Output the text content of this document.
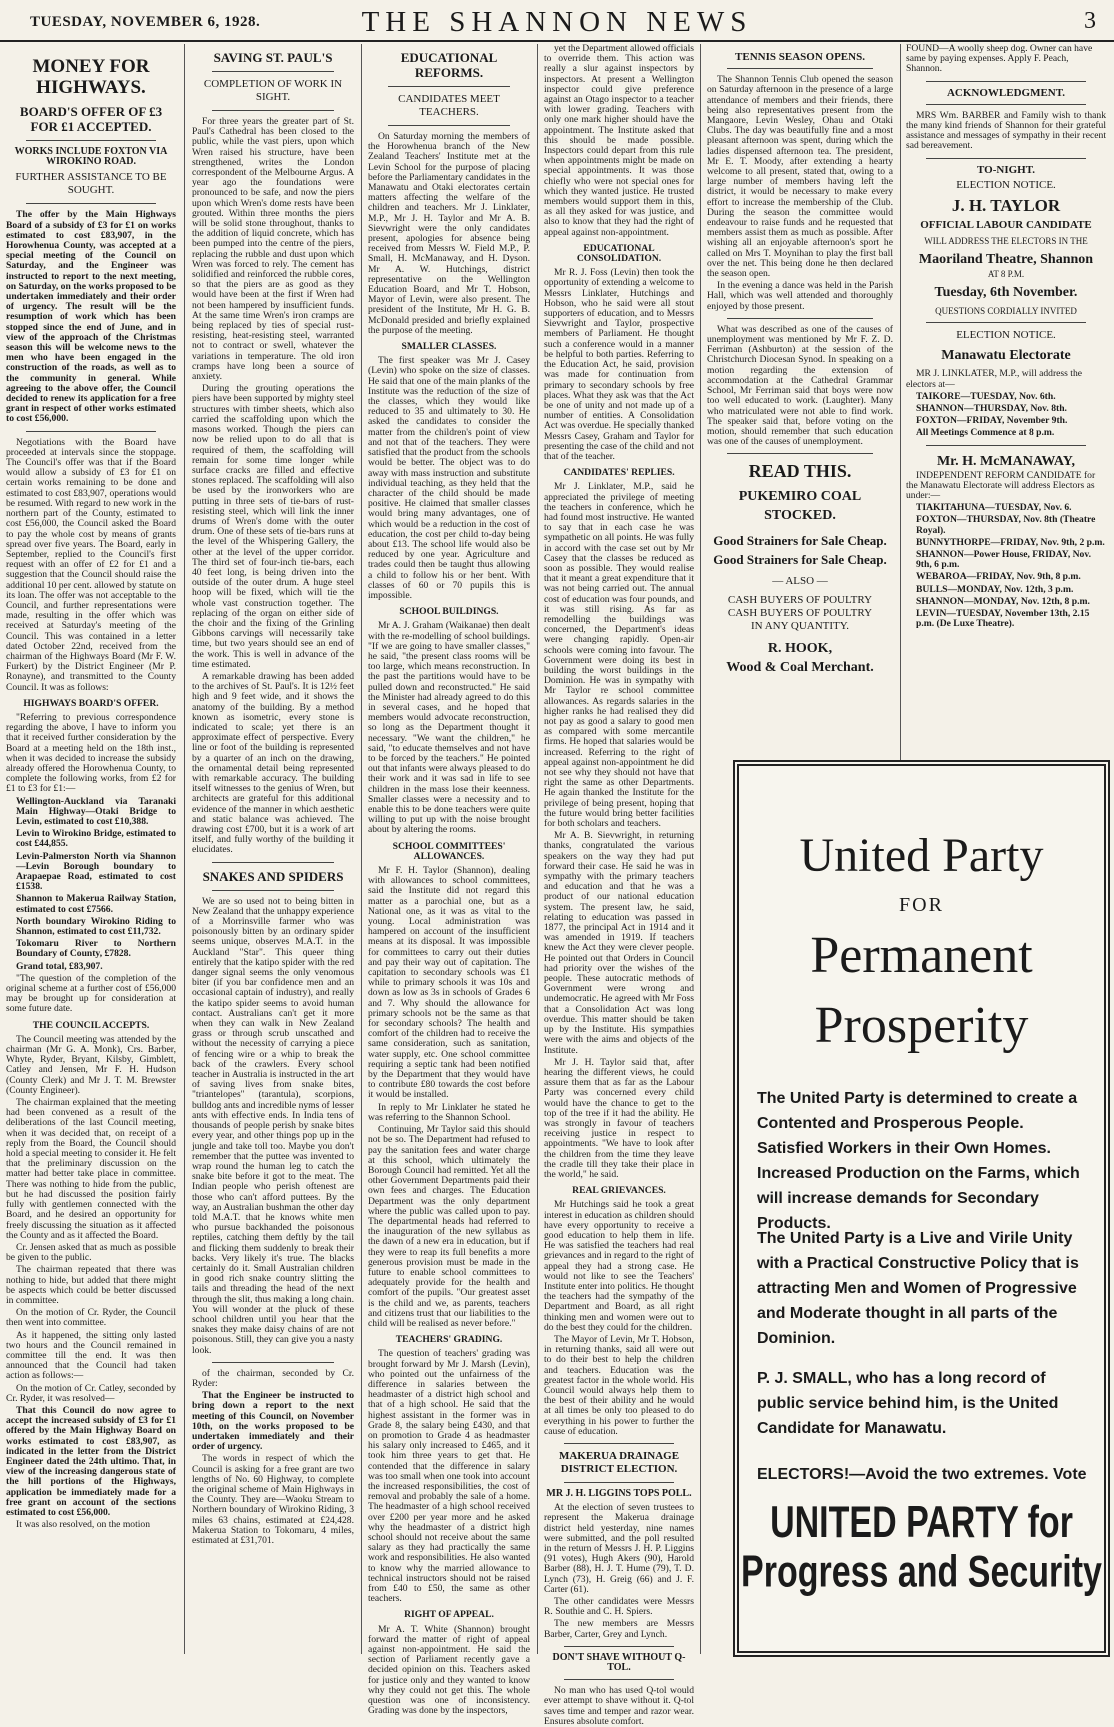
TUESDAY, NOVEMBER 6, 1928.	THE SHANNON NEWS	3
MONEY FOR HIGHWAYS.
BOARD'S OFFER OF £3 FOR £1 ACCEPTED.
WORKS INCLUDE FOXTON VIA WIROKINO ROAD.
FURTHER ASSISTANCE TO BE SOUGHT.

The offer by the Main Highways Board of a subsidy of £3 for £1 on works estimated to cost £83,907, in the Horowhenua County, was accepted at a special meeting of the Council on Saturday, and the Engineer was instructed to report to the next meeting, on Saturday, on the works proposed to be undertaken immediately and their order of urgency. The result will be the resumption of work which has been stopped since the end of June, and in view of the approach of the Christmas season this will be welcome news to the men who have been engaged in the construction of the roads, as well as to the community in general. While agreeing to the above offer, the Council decided to renew its application for a free grant in respect of other works estimated to cost £56,000.

Negotiations with the Board have proceeded at intervals since the stoppage. The Council's offer was that if the Board would allow a subsidy of £3 for £1 on certain works remaining to be done and estimated to cost £83,907, operations would be resumed. With regard to new work in the northern part of the County, estimated to cost £56,000, the Council asked the Board to pay the whole cost by means of grants spread over five years. The Board, early in September, replied to the Council's first request with an offer of £2 for £1 and a suggestion that the Council should raise the additional 10 per cent. allowed by statute on its loan. The offer was not acceptable to the Council, and further representations were made, resulting in the offer which was received at Saturday's meeting of the Council. This was contained in a letter dated October 22nd, received from the chairman of the Highways Board (Mr F. W. Furkert) by the District Engineer (Mr P. Ronayne), and transmitted to the County Council. It was as follows:

HIGHWAYS BOARD'S OFFER.

"Referring to previous correspondence regarding the above, I have to inform you that it received further consideration by the Board at a meeting held on the 18th inst., when it was decided to increase the subsidy already offered the Horowhenua County, to complete the following works, from £2 for £1 to £3 for £1:—

Wellington-Auckland via Taranaki Main Highway—Otaki Bridge to Levin, estimated to cost £10,388.

Levin to Wirokino Bridge, estimated to cost £44,855.

Levin-Palmerston North via Shannon—Levin Borough boundary to Arapaepae Road, estimated to cost £1538.

Shannon to Makerua Railway Station, estimated to cost £7566.

North boundary Wirokino Riding to Shannon, estimated to cost £11,732.

Tokomaru River to Northern Boundary of County, £7828.

Grand total, £83,907.

"The question of the completion of the original scheme at a further cost of £56,000 may be brought up for consideration at some future date.

THE COUNCIL ACCEPTS.

The Council meeting was attended by the chairman (Mr G. A. Monk), Crs. Barber, Whyte, Ryder, Bryant, Kilsby, Gimblett, Catley and Jensen, Mr F. H. Hudson (County Clerk) and Mr J. T. M. Brewster (County Engineer).

The chairman explained that the meeting had been convened as a result of the deliberations of the last Council meeting, when it was decided that, on receipt of a reply from the Board, the Council should hold a special meeting to consider it. He felt that the preliminary discussion on the matter had better take place in committee. There was nothing to hide from the public, but he had discussed the position fairly fully with gentlemen connected with the Board, and he desired an opportunity for freely discussing the situation as it affected the County and as it affected the Board.

Cr. Jensen asked that as much as possible be given to the public.

The chairman repeated that there was nothing to hide, but added that there might be aspects which could be better discussed in committee.

On the motion of Cr. Ryder, the Council then went into committee.

As it happened, the sitting only lasted two hours and the Council remained in committee till the end. It was then announced that the Council had taken action as follows:—

On the motion of Cr. Catley, seconded by Cr. Ryder, it was resolved—

That this Council do now agree to accept the increased subsidy of £3 for £1 offered by the Main Highway Board on works estimated to cost £83,907, as indicated in the letter from the District Engineer dated the 24th ultimo. That, in view of the increasing dangerous state of the hill portions of the Highways, application be immediately made for a free grant on account of the sections estimated to cost £56,000.

It was also resolved, on the motion

SAVING ST. PAUL'S
COMPLETION OF WORK IN SIGHT.

For three years the greater part of St. Paul's Cathedral has been closed to the public, while the vast piers, upon which Wren raised his structure, have been strengthened, writes the London correspondent of the Melbourne Argus. A year ago the foundations were pronounced to be safe, and now the piers upon which Wren's dome rests have been grouted. Within three months the piers will be solid stone throughout, thanks to the addition of liquid concrete, which has been pumped into the centre of the piers, replacing the rubble and dust upon which Wren was forced to rely. The cement has solidified and reinforced the rubble cores, so that the piers are as good as they would have been at the first if Wren had not been hampered by insufficient funds. At the same time Wren's iron cramps are being replaced by ties of special rust-resisting, heat-resisting steel, warranted not to contract or swell, whatever the variations in temperature. The old iron cramps have long been a source of anxiety.

During the grouting operations the piers have been supported by mighty steel structures with timber sheets, which also carried the scaffolding upon which the masons worked. Though the piers can now be relied upon to do all that is required of them, the scaffolding will remain for some time longer while surface cracks are filled and effective stones replaced. The scaffolding will also be used by the ironworkers who are putting in three sets of tie-bars of rust-resisting steel, which will link the inner drums of Wren's dome with the outer drum. One of these sets of tie-bars runs at the level of the Whispering Gallery, the other at the level of the upper corridor. The third set of four-inch tie-bars, each 40 feet long, is being driven into the outside of the outer drum. A huge steel hoop will be fixed, which will tie the whole vast construction together. The replacing of the organ on either side of the choir and the fixing of the Grinling Gibbons carvings will necessarily take time, but two years should see an end of the work. This is well in advance of the time estimated.

A remarkable drawing has been added to the archives of St. Paul's. It is 12½ feet high and 9 feet wide, and it shows the anatomy of the building. By a method known as isometric, every stone is indicated to scale; yet there is an approximate effect of perspective. Every line or foot of the building is represented by a quarter of an inch on the drawing, the ornamental detail being represented with remarkable accuracy. The building itself witnesses to the genius of Wren, but architects are grateful for this additional evidence of the manner in which aesthetic and static balance was achieved. The drawing cost £700, but it is a work of art itself, and fully worthy of the building it elucidates.

SNAKES AND SPIDERS

We are so used not to being bitten in New Zealand that the unhappy experience of a Morrinsville farmer who was poisonously bitten by an ordinary spider seems unique, observes M.A.T. in the Auckland "Star". This queer thing entirely that the katipo spider with the red danger signal seems the only venomous biter (if you bar confidence men and an occasional captain of industry), and really the katipo spider seems to avoid human contact. Australians can't get it more when they can walk in New Zealand grass or through scrub unscathed and without the necessity of carrying a piece of fencing wire or a whip to break the back of the crawlers. Every school teacher in Australia is instructed in the art of saving lives from snake bites, "triantelopes" (tarantula), scorpions, bulldog ants and incredible nyms of lesser ants with effective ends. In India tens of thousands of people perish by snake bites every year, and other things pop up in the jungle and take toll too. Maybe you don't remember that the puttee was invented to wrap round the human leg to catch the snake bite before it got to the meat. The Indian people who perish oftenest are those who can't afford puttees. By the way, an Australian bushman the other day told M.A.T. that he knows white men who pursue backhanded the poisonous reptiles, catching them deftly by the tail and flicking them suddenly to break their backs. Very likely it's true. The blacks certainly do it. Small Australian children in good rich snake country slitting the tails and threading the head of the next through the slit, thus making a long chain. You will wonder at the pluck of these school children until you hear that the snakes they make daisy chains of are not poisonous. Still, they can give you a nasty look.

of the chairman, seconded by Cr. Ryder:

That the Engineer be instructed to bring down a report to the next meeting of this Council, on November 10th, on the works proposed to be undertaken immediately and their order of urgency.

The words in respect of which the Council is asking for a free grant are two lengths of No. 60 Highway, to complete the original scheme of Main Highways in the County. They are—Waoku Stream to Northern boundary of Wirokino Riding, 3 miles 63 chains, estimated at £24,428. Makerua Station to Tokomaru, 4 miles, estimated at £31,701.

EDUCATIONAL REFORMS.
CANDIDATES MEET TEACHERS.

On Saturday morning the members of the Horowhenua branch of the New Zealand Teachers' Institute met at the Levin School for the purpose of placing before the Parliamentary candidates in the Manawatu and Otaki electorates certain matters affecting the welfare of the children and teachers. Mr J. Linklater, M.P., Mr J. H. Taylor and Mr A. B. Sievwright were the only candidates present, apologies for absence being received from Messrs W. Field M.P., P. Small, H. McManaway, and H. Dyson. Mr A. W. Hutchings, district representative on the Wellington Education Board, and Mr T. Hobson, Mayor of Levin, were also present. The president of the Institute, Mr H. G. B. McDonald presided and briefly explained the purpose of the meeting.

SMALLER CLASSES.

The first speaker was Mr J. Casey (Levin) who spoke on the size of classes. He said that one of the main planks of the Institute was the reduction of the size of the classes, which they would like reduced to 35 and ultimately to 30. He asked the candidates to consider the matter from the children's point of view and not that of the teachers. They were satisfied that the product from the schools would be better. The object was to do away with mass instruction and substitute individual teaching, as they held that the character of the child should be made positive. He claimed that smaller classes would bring many advantages, one of which would be a reduction in the cost of education, the cost per child to-day being about £13. The school life would also be reduced by one year. Agriculture and trades could then be taught thus allowing a child to follow his or her bent. With classes of 60 or 70 pupils this is impossible.

SCHOOL BUILDINGS.

Mr A. J. Graham (Waikanae) then dealt with the re-modelling of school buildings. "If we are going to have smaller classes," he said, "the present class rooms will be too large, which means reconstruction. In the past the partitions would have to be pulled down and reconstructed." He said the Minister had already agreed to do this in several cases, and he hoped that members would advocate reconstruction, so long as the Department thought it necessary. "We want the children," he said, "to educate themselves and not have to be forced by the teachers." He pointed out that infants were always pleased to do their work and it was sad in life to see children in the mass lose their keenness. Smaller classes were a necessity and to enable this to be done teachers were quite willing to put up with the noise brought about by altering the rooms.

SCHOOL COMMITTEES' ALLOWANCES.

Mr F. H. Taylor (Shannon), dealing with allowances to school committees, said the Institute did not regard this matter as a parochial one, but as a National one, as it was as vital to the young. Local administration was hampered on account of the insufficient means at its disposal. It was impossible for committees to carry out their duties and pay their way out of capitation. The capitation to secondary schools was £1 while to primary schools it was 10s and down as low as 3s in schools of Grades 6 and 7. Why should the allowance for primary schools not be the same as that for secondary schools? The health and comfort of the children had to receive the same consideration, such as sanitation, water supply, etc. One school committee requiring a septic tank had been notified by the Department that they would have to contribute £80 towards the cost before it would be installed.

In reply to Mr Linklater he stated he was referring to the Shannon School.

Continuing, Mr Taylor said this should not be so. The Department had refused to pay the sanitation fees and water charge at this school, which ultimately the Borough Council had remitted. Yet all the other Government Departments paid their own fees and charges. The Education Department was the only department where the public was called upon to pay. The departmental heads had referred to the inauguration of the new syllabus as the dawn of a new era in education, but if they were to reap its full benefits a more generous provision must be made in the future to enable school committees to adequately provide for the health and comfort of the pupils. "Our greatest asset is the child and we, as parents, teachers and citizens trust that our liabilities to the child will be realised as never before."

TEACHERS' GRADING.

The question of teachers' grading was brought forward by Mr J. Marsh (Levin), who pointed out the unfairness of the difference in salaries between the headmaster of a district high school and that of a high school. He said that the highest assistant in the former was in Grade 8, the salary being £430, and that on promotion to Grade 4 as headmaster his salary only increased to £465, and it took him three years to get that. He contended that the difference in salary was too small when one took into account the increased responsibilities, the cost of removal and probably the sale of a home. The headmaster of a high school received over £200 per year more and he asked why the headmaster of a district high school should not receive about the same salary as they had practically the same work and responsibilities. He also wanted to know why the married allowance to technical instructors should not be raised from £40 to £50, the same as other teachers.

RIGHT OF APPEAL.

Mr A. T. White (Shannon) brought forward the matter of right of appeal against non-appointment. He said the section of Parliament recently gave a decided opinion on this. Teachers asked for justice only and they wanted to know why they could not get this. The whole question was one of inconsistency. Grading was done by the inspectors,

yet the Department allowed officials to override them. This action was really a slur against inspectors by inspectors. At present a Wellington inspector could give preference against an Otago inspector to a teacher with lower grading. Teachers with only one mark higher should have the appointment. The Institute asked that this should be made possible. Inspectors could depart from this rule when appointments might be made on special appointments. It was those chiefly who were not special ones for which they wanted justice. He trusted members would support them in this, as all they asked for was justice, and also to know that they had the right of appeal against non-appointment.

EDUCATIONAL CONSOLIDATION.

Mr R. J. Foss (Levin) then took the opportunity of extending a welcome to Messrs Linklater, Hutchings and Hobson, who he said were all stout supporters of education, and to Messrs Sievwright and Taylor, prospective members of Parliament. He thought such a conference would in a manner be helpful to both parties. Referring to the Education Act, he said, provision was made for continuation from primary to secondary schools by free places. What they ask was that the Act be one of unity and not made up of a number of entities. A Consolidation Act was overdue. He specially thanked Messrs Casey, Graham and Taylor for presenting the case of the child and not that of the teacher.

CANDIDATES' REPLIES.

Mr J. Linklater, M.P., said he appreciated the privilege of meeting the teachers in conference, which he had found most instructive. He wanted to say that in each case he was sympathetic on all points. He was fully in accord with the case set out by Mr Casey that the classes be reduced as soon as possible. They would realise that it meant a great expenditure that it was not being carried out. The annual cost of education was four pounds, and it was still rising. As far as remodelling the buildings was concerned, the Department's ideas were changing rapidly. Open-air schools were coming into favour. The Government were doing its best in building the worst buildings in the Dominion. He was in sympathy with Mr Taylor re school committee allowances. As regards salaries in the higher ranks he had realised they did not pay as good a salary to good men as compared with some mercantile firms. He hoped that salaries would be increased. Referring to the right of appeal against non-appointment he did not see why they should not have that right the same as other Departments. He again thanked the Institute for the privilege of being present, hoping that the future would bring better facilities for both scholars and teachers.

Mr A. B. Sievwright, in returning thanks, congratulated the various speakers on the way they had put forward their case. He said he was in sympathy with the primary teachers and education and that he was a product of our national education system. The present law, he said, relating to education was passed in 1877, the principal Act in 1914 and it was amended in 1919. If teachers knew the Act they were clever people. He pointed out that Orders in Council had priority over the wishes of the people. These autocratic methods of Government were wrong and undemocratic. He agreed with Mr Foss that a Consolidation Act was long overdue. This matter should be taken up by the Institute. His sympathies were with the aims and objects of the Institute.

Mr J. H. Taylor said that, after hearing the different views, he could assure them that as far as the Labour Party was concerned every child would have the chance to get to the top of the tree if it had the ability. He was strongly in favour of teachers receiving justice in respect to appointments. "We have to look after the children from the time they leave the cradle till they take their place in the world," he said.

REAL GRIEVANCES.

Mr Hutchings said he took a great interest in education as children should have every opportunity to receive a good education to help them in life. He was satisfied the teachers had real grievances and in regard to the right of appeal they had a strong case. He would not like to see the Teachers' Institute enter into politics. He thought the teachers had the sympathy of the Department and Board, as all right thinking men and women were out to do the best they could for the children.

The Mayor of Levin, Mr T. Hobson, in returning thanks, said all were out to do their best to help the children and teachers. Education was the greatest factor in the whole world. His Council would always help them to the best of their ability and he would at all times be only too pleased to do everything in his power to further the cause of education.

MAKERUA DRAINAGE DISTRICT ELECTION.
MR J. H. LIGGINS TOPS POLL.

At the election of seven trustees to represent the Makerua drainage district held yesterday, nine names were submitted, and the poll resulted in the return of Messrs J. H. P. Liggins (91 votes), Hugh Akers (90), Harold Barber (88), H. J. T. Hume (79), T. D. Lynch (73), H. Greig (66) and J. F. Carter (61).

The other candidates were Messrs R. Southie and C. H. Spiers.

The new members are Messrs Barber, Carter, Grey and Lynch.

DON'T SHAVE WITHOUT Q-TOL.

No man who has used Q-tol would ever attempt to shave without it. Q-tol saves time and temper and razor wear. Ensures absolute comfort.

TENNIS SEASON OPENS.

The Shannon Tennis Club opened the season on Saturday afternoon in the presence of a large attendance of members and their friends, there being also representatives present from the Mangaore, Levin Wesley, Ohau and Otaki Clubs. The day was beautifully fine and a most pleasant afternoon was spent, during which the ladies dispensed afternoon tea. The president, Mr E. T. Moody, after extending a hearty welcome to all present, stated that, owing to a large number of members having left the district, it would be necessary to make every effort to increase the membership of the Club. During the season the committee would endeavour to raise funds and he requested that members assist them as much as possible. After wishing all an enjoyable afternoon's sport he called on Mrs T. Moynihan to play the first ball over the net. This being done he then declared the season open.

In the evening a dance was held in the Parish Hall, which was well attended and thoroughly enjoyed by those present.

What was described as one of the causes of unemployment was mentioned by Mr F. Z. D. Ferriman (Ashburton) at the session of the Christchurch Diocesan Synod. In speaking on a motion regarding the extension of accommodation at the Cathedral Grammar School, Mr Ferriman said that boys were now too well educated to work. (Laughter). Many who matriculated were not able to find work. The speaker said that, before voting on the motion, should remember that such education was one of the causes of unemployment.

READ THIS.
PUKEMIRO COAL STOCKED.
Good Strainers for Sale Cheap.
Good Strainers for Sale Cheap.
— ALSO —
CASH BUYERS OF POULTRY
CASH BUYERS OF POULTRY
IN ANY QUANTITY.
R. HOOK,
Wood & Coal Merchant.

FOUND—A woolly sheep dog. Owner can have same by paying expenses. Apply F. Peach, Shannon.

ACKNOWLEDGMENT.

MRS Wm. BARBER and Family wish to thank the many kind friends of Shannon for their grateful assistance and messages of sympathy in their recent sad bereavement.

TO-NIGHT.
ELECTION NOTICE.
J. H. TAYLOR
OFFICIAL LABOUR CANDIDATE
WILL ADDRESS THE ELECTORS IN THE
Maoriland Theatre, Shannon
AT 8 P.M.
Tuesday, 6th November.
QUESTIONS CORDIALLY INVITED
ELECTION NOTICE.
Manawatu Electorate

MR J. LINKLATER, M.P., will address the electors at—

TAIKORE—TUESDAY, Nov. 6th.

SHANNON—THURSDAY, Nov. 8th.

FOXTON—FRIDAY, November 9th.

All Meetings Commence at 8 p.m.

Mr. H. McMANAWAY,

INDEPENDENT REFORM CANDIDATE for the Manawatu Electorate will address Electors as under:—

TIAKITAHUNA—TUESDAY, Nov. 6.

FOXTON—THURSDAY, Nov. 8th (Theatre Royal).

BUNNYTHORPE—FRIDAY, Nov. 9th, 2 p.m.

SHANNON—Power House, FRIDAY, Nov. 9th, 6 p.m.

WEBAROA—FRIDAY, Nov. 9th, 8 p.m.

BULLS—MONDAY, Nov. 12th, 3 p.m.

SHANNON—MONDAY, Nov. 12th, 8 p.m.

LEVIN—TUESDAY, November 13th, 2.15 p.m. (De Luxe Theatre).

United Party
FOR
Permanent
Prosperity
The United Party is determined to create a Contented and Prosperous People. Satisfied Workers in their Own Homes. Increased Production on the Farms, which will increase demands for Secondary Products.
The United Party is a Live and Virile Unity with a Practical Constructive Policy that is attracting Men and Women of Progressive and Moderate thought in all parts of the Dominion.
P. J. SMALL, who has a long record of public service behind him, is the United Candidate for Manawatu.
ELECTORS!—Avoid the two extremes. Vote
UNITED PARTY for Progress and Security
